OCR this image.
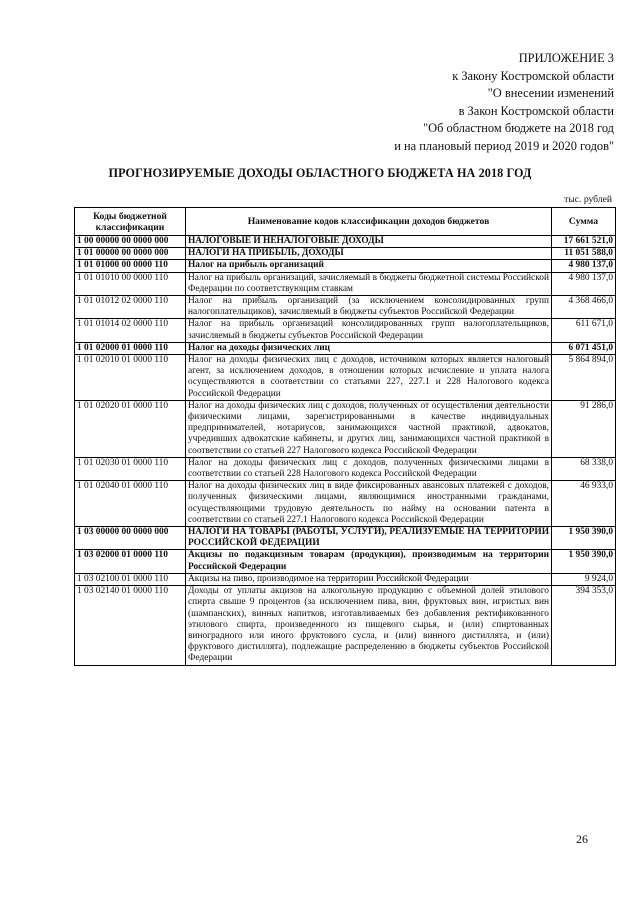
ПРИЛОЖЕНИЕ 3
к Закону Костромской области
"О внесении изменений
в Закон Костромской области
"Об областном бюджете на 2018 год
и на плановый период 2019 и 2020 годов"
ПРОГНОЗИРУЕМЫЕ ДОХОДЫ ОБЛАСТНОГО БЮДЖЕТА НА 2018 ГОД
тыс. рублей
Коды бюджетной классификации	Наименование кодов классификации доходов бюджетов	Сумма
1 00 00000 00 0000 000	НАЛОГОВЫЕ И НЕНАЛОГОВЫЕ ДОХОДЫ	17 661 521,0
1 01 00000 00 0000 000	НАЛОГИ НА ПРИБЫЛЬ, ДОХОДЫ	11 051 588,0
1 01 01000 00 0000 110	Налог на прибыль организаций	4 980 137,0
1 01 01010 00 0000 110	Налог на прибыль организаций, зачисляемый в бюджеты бюджетной системы Российской Федерации по соответствующим ставкам	4 980 137,0
1 01 01012 02 0000 110	Налог на прибыль организаций (за исключением консолидированных групп налогоплательщиков), зачисляемый в бюджеты субъектов Российской Федерации	4 368 466,0
1 01 01014 02 0000 110	Налог на прибыль организаций консолидированных групп налогоплательщиков, зачисляемый в бюджеты субъектов Российской Федерации	611 671,0
1 01 02000 01 0000 110	Налог на доходы физических лиц	6 071 451,0
1 01 02010 01 0000 110	Налог на доходы физических лиц с доходов, источником которых является налоговый агент, за исключением доходов, в отношении которых исчисление и уплата налога осуществляются в соответствии со статьями 227, 227.1 и 228 Налогового кодекса Российской Федерации	5 864 894,0
1 01 02020 01 0000 110	Налог на доходы физических лиц с доходов, полученных от осуществления деятельности физическими лицами, зарегистрированными в качестве индивидуальных предпринимателей, нотариусов, занимающихся частной практикой, адвокатов, учредивших адвокатские кабинеты, и других лиц, занимающихся частной практикой в соответствии со статьей 227 Налогового кодекса Российской Федерации	91 286,0
1 01 02030 01 0000 110	Налог на доходы физических лиц с доходов, полученных физическими лицами в соответствии со статьей 228 Налогового кодекса Российской Федерации	68 338,0
1 01 02040 01 0000 110	Налог на доходы физических лиц в виде фиксированных авансовых платежей с доходов, полученных физическими лицами, являющимися иностранными гражданами, осуществляющими трудовую деятельность по найму на основании патента в соответствии со статьей 227.1 Налогового кодекса Российской Федерации	46 933,0
1 03 00000 00 0000 000	НАЛОГИ НА ТОВАРЫ (РАБОТЫ, УСЛУГИ), РЕАЛИЗУЕМЫЕ НА ТЕРРИТОРИИ РОССИЙСКОЙ ФЕДЕРАЦИИ	1 950 390,0
1 03 02000 01 0000 110	Акцизы по подакцизным товарам (продукции), производимым на территории Российской Федерации	1 950 390,0
1 03 02100 01 0000 110	Акцизы на пиво, производимое на территории Российской Федерации	9 924,0
1 03 02140 01 0000 110	Доходы от уплаты акцизов на алкогольную продукцию с объемной долей этилового спирта свыше 9 процентов (за исключением пива, вин, фруктовых вин, игристых вин (шампанских), винных напитков, изготавливаемых без добавления ректификованного этилового спирта, произведенного из пищевого сырья, и (или) спиртованных виноградного или иного фруктового сусла, и (или) винного дистиллята, и (или) фруктового дистиллята), подлежащие распределению в бюджеты субъектов Российской Федерации	394 353,0
26
